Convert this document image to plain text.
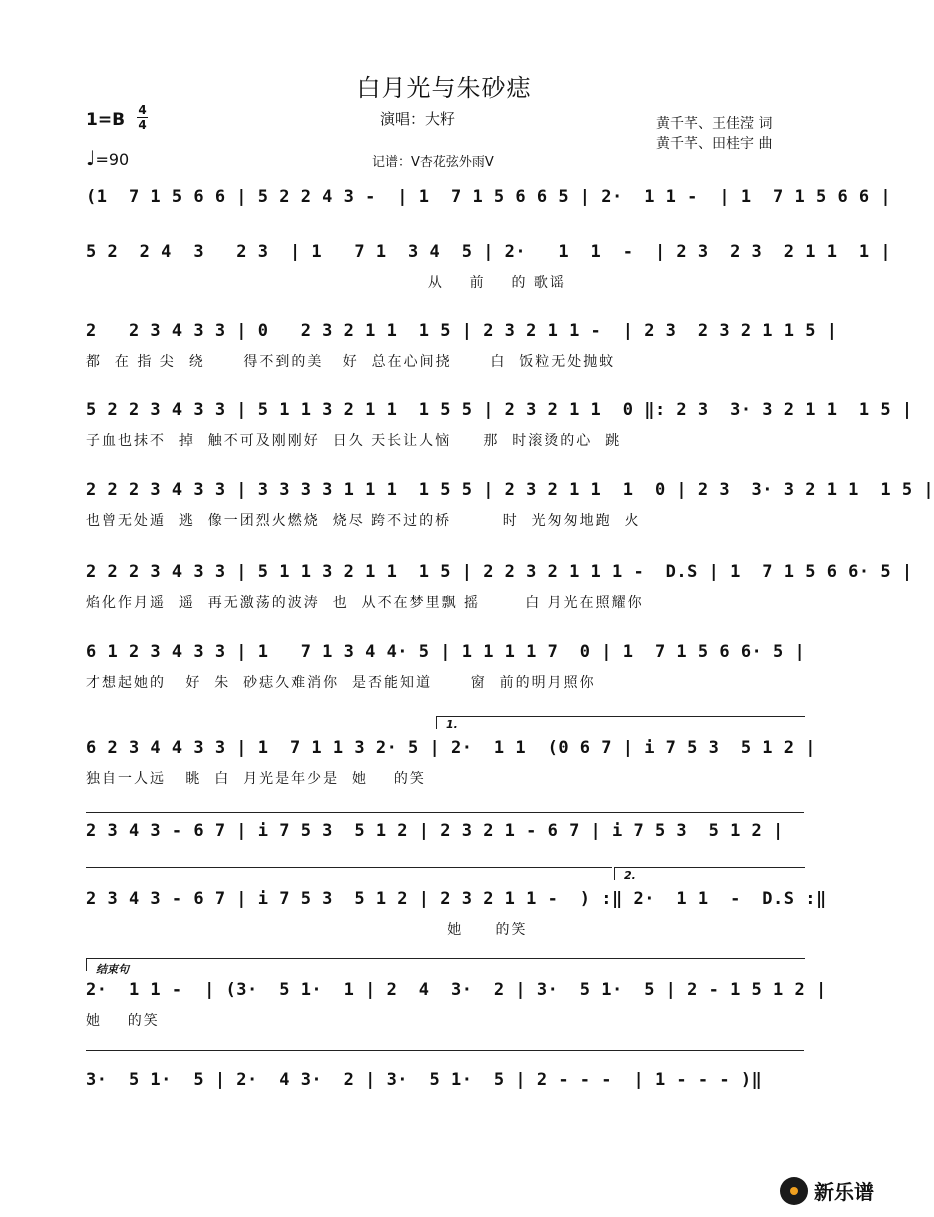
白月光与朱砂痣
1=B 4
4
♩=90
演唱：大籽
记谱：V杏花弦外雨V
黄千芊、王佳滢 词
黄千芊、田桂宇 曲
(1  7 1 5 6 6 | 5 2 2 4 3 -  | 1  7 1 5 6 6 5 | 2·  1 1 -  | 1  7 1 5 6 6 |
5 2  2 4  3   2 3  | 1   7 1  3 4  5 | 2·   1  1  -  | 2 3  2 3  2 1 1  1 |
从    前    的 歌谣
2   2 3 4 3 3 | 0   2 3 2 1 1  1 5 | 2 3 2 1 1 -  | 2 3  2 3 2 1 1 5 |
都  在 指 尖  绕      得不到的美   好  总在心间挠      白  饭粒无处抛蚊
5 2 2 3 4 3 3 | 5 1 1 3 2 1 1  1 5 5 | 2 3 2 1 1  0 ‖: 2 3  3· 3 2 1 1  1 5 |
子血也抹不  掉  触不可及刚刚好  日久 天长让人恼     那  时滚烫的心  跳
2 2 2 3 4 3 3 | 3 3 3 3 1 1 1  1 5 5 | 2 3 2 1 1  1  0 | 2 3  3· 3 2 1 1  1 5 |
也曾无处遁  逃  像一团烈火燃烧  烧尽 跨不过的桥        时  光匆匆地跑  火
2 2 2 3 4 3 3 | 5 1 1 3 2 1 1  1 5 | 2 2 3 2 1 1 1 -  D.S | 1  7 1 5 6 6· 5 |
焰化作月遥  遥  再无激荡的波涛  也  从不在梦里飘 摇       白 月光在照耀你
6 1 2 3 4 3 3 | 1   7 1 3 4 4· 5 | 1 1 1 1 7  0 | 1  7 1 5 6 6· 5 |
才想起她的   好  朱  砂痣久难消你  是否能知道      窗  前的明月照你
1.
6 2 3 4 4 3 3 | 1  7 1 1 3 2· 5 | 2·  1 1  (0 6 7 | i 7 5 3  5 1 2 |
独自一人远   眺  白  月光是年少是  她    的笑
2 3 4 3 - 6 7 | i 7 5 3  5 1 2 | 2 3 2 1 - 6 7 | i 7 5 3  5 1 2 |
2.
2 3 4 3 - 6 7 | i 7 5 3  5 1 2 | 2 3 2 1 1 -  ) :‖ 2·  1 1  -  D.S :‖
她     的笑
结束句
2·  1 1 -  | (3·  5 1·  1 | 2  4  3·  2 | 3·  5 1·  5 | 2 - 1 5 1 2 |
她    的笑
3·  5 1·  5 | 2·  4 3·  2 | 3·  5 1·  5 | 2 - - -  | 1 - - - )‖
新乐谱
